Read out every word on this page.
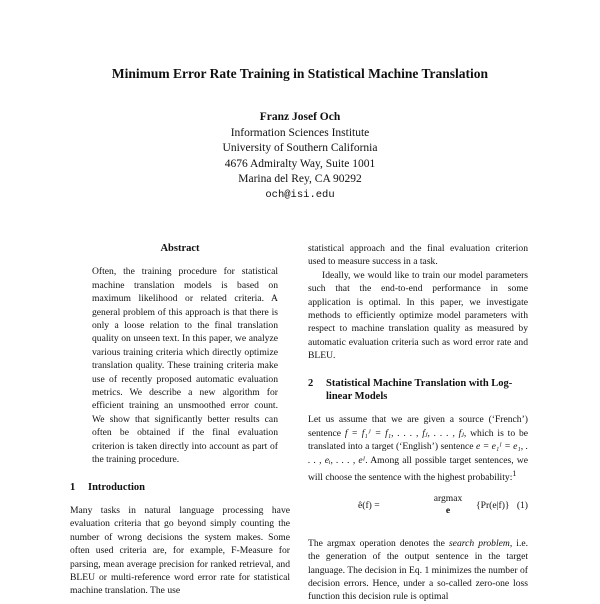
Minimum Error Rate Training in Statistical Machine Translation
Franz Josef Och
Information Sciences Institute
University of Southern California
4676 Admiralty Way, Suite 1001
Marina del Rey, CA 90292
och@isi.edu
Abstract

Often, the training procedure for statistical machine translation models is based on maximum likelihood or related criteria. A general problem of this approach is that there is only a loose relation to the final translation quality on unseen text. In this paper, we analyze various training criteria which directly optimize translation quality. These training criteria make use of recently proposed automatic evaluation metrics. We describe a new algorithm for efficient training an unsmoothed error count. We show that significantly better results can often be obtained if the final evaluation criterion is taken directly into account as part of the training procedure.

1	Introduction

Many tasks in natural language processing have evaluation criteria that go beyond simply counting the number of wrong decisions the system makes. Some often used criteria are, for example, F-Measure for parsing, mean average precision for ranked retrieval, and BLEU or multi-reference word error rate for statistical machine translation. The use

statistical approach and the final evaluation criterion used to measure success in a task.

Ideally, we would like to train our model parameters such that the end-to-end performance in some application is optimal. In this paper, we investigate methods to efficiently optimize model parameters with respect to machine translation quality as measured by automatic evaluation criteria such as word error rate and BLEU.

2	Statistical Machine Translation with Log-linear Models

Let us assume that we are given a source (‘French’) sentence f = f₁ᴶ = f₁, . . . , fⱼ, . . . , fⱼ, which is to be translated into a target (‘English’) sentence e = e₁ᴵ = e₁, . . . , eᵢ, . . . , eᴵ. Among all possible target sentences, we will choose the sentence with the highest probability:$^1$

ê(f) =
argmax
e	{Pr(e|f)} (1)

The argmax operation denotes the search problem, i.e. the generation of the output sentence in the target language. The decision in Eq. 1 minimizes the number of decision errors. Hence, under a so-called zero-one loss function this decision rule is optimal
